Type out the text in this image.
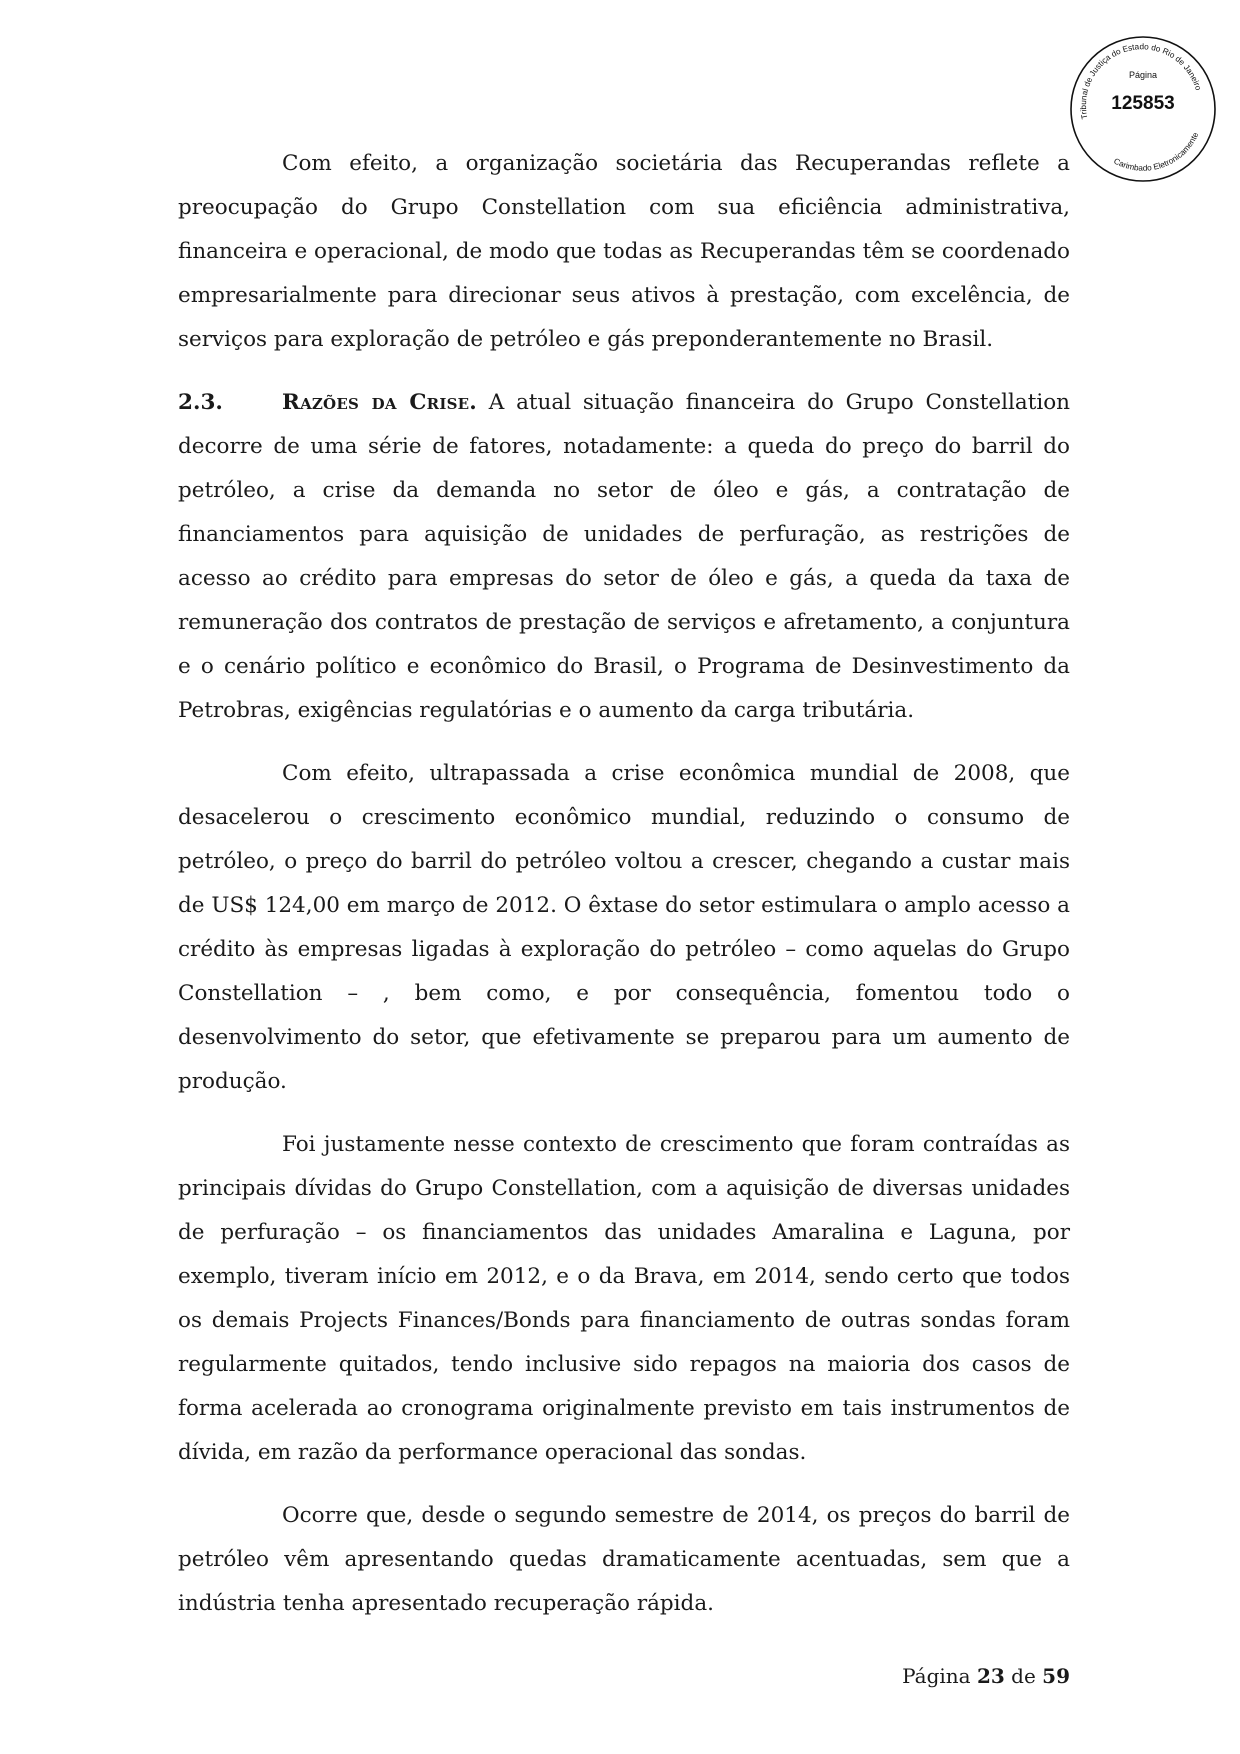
Tribunal de Justiça do Estado do Rio de Janeiro
Carimbado Eletronicamente
Página
125853

Com efeito, a organização societária das Recuperandas reflete a preocupação do Grupo Constellation com sua eficiência administrativa, financeira e operacional, de modo que todas as Recuperandas têm se coordenado empresarialmente para direcionar seus ativos à prestação, com excelência, de serviços para exploração de petróleo e gás preponderantemente no Brasil.

2.3.	Razões da Crise. A atual situação financeira do Grupo Constellation decorre de uma série de fatores, notadamente: a queda do preço do barril do petróleo, a crise da demanda no setor de óleo e gás, a contratação de financiamentos para aquisição de unidades de perfuração, as restrições de acesso ao crédito para empresas do setor de óleo e gás, a queda da taxa de remuneração dos contratos de prestação de serviços e afretamento, a conjuntura e o cenário político e econômico do Brasil, o Programa de Desinvestimento da Petrobras, exigências regulatórias e o aumento da carga tributária.

Com efeito, ultrapassada a crise econômica mundial de 2008, que desacelerou o crescimento econômico mundial, reduzindo o consumo de petróleo, o preço do barril do petróleo voltou a crescer, chegando a custar mais de US$ 124,00 em março de 2012. O êxtase do setor estimulara o amplo acesso a crédito às empresas ligadas à exploração do petróleo – como aquelas do Grupo Constellation – , bem como, e por consequência, fomentou todo o desenvolvimento do setor, que efetivamente se preparou para um aumento de produção.

Foi justamente nesse contexto de crescimento que foram contraídas as principais dívidas do Grupo Constellation, com a aquisição de diversas unidades de perfuração – os financiamentos das unidades Amaralina e Laguna, por exemplo, tiveram início em 2012, e o da Brava, em 2014, sendo certo que todos os demais Projects Finances/Bonds para financiamento de outras sondas foram regularmente quitados, tendo inclusive sido repagos na maioria dos casos de forma acelerada ao cronograma originalmente previsto em tais instrumentos de dívida, em razão da performance operacional das sondas.

Ocorre que, desde o segundo semestre de 2014, os preços do barril de petróleo vêm apresentando quedas dramaticamente acentuadas, sem que a indústria tenha apresentado recuperação rápida.

Página 23 de 59
